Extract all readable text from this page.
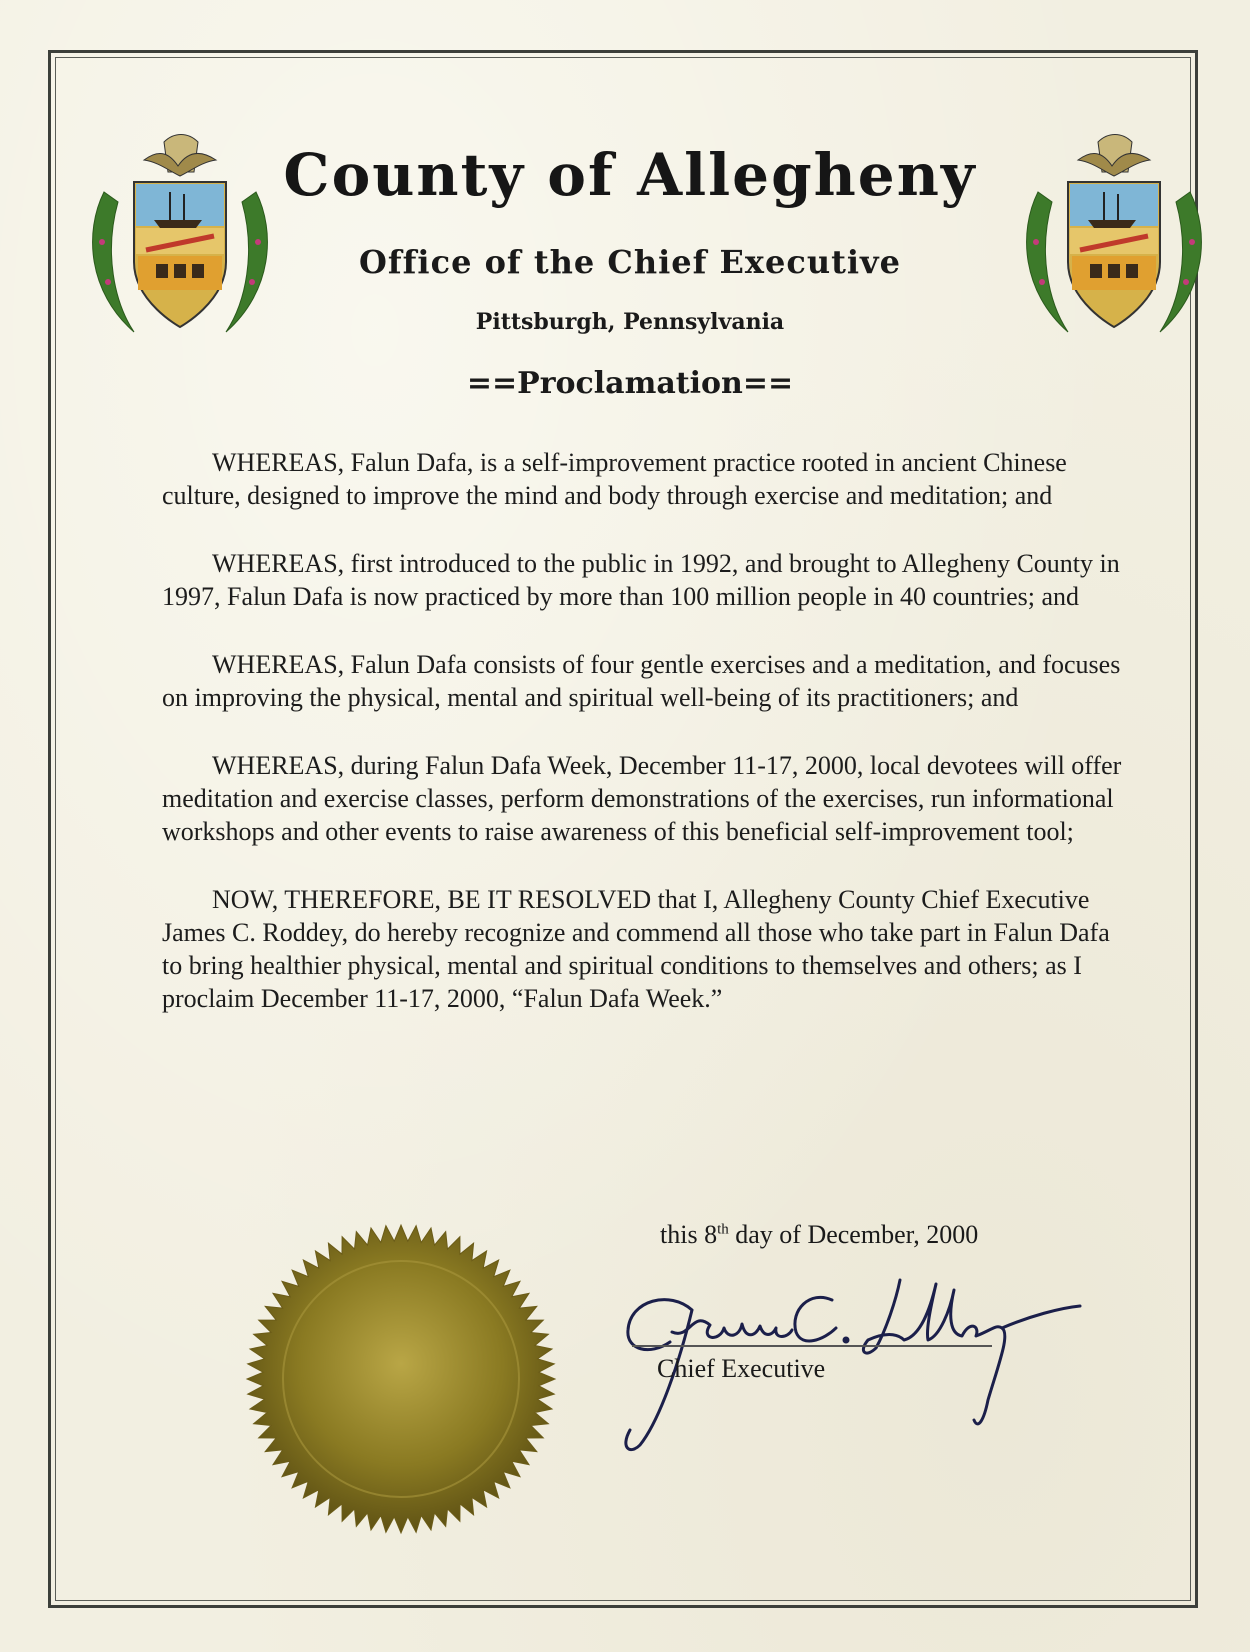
County of Allegheny
Office of the Chief Executive
Pittsburgh, Pennsylvania
==Proclamation==

WHEREAS, Falun Dafa, is a self-improvement practice rooted in ancient Chinese culture, designed to improve the mind and body through exercise and meditation; and

WHEREAS, first introduced to the public in 1992, and brought to Allegheny County in 1997, Falun Dafa is now practiced by more than 100 million people in 40 countries; and

WHEREAS, Falun Dafa consists of four gentle exercises and a meditation, and focuses on improving the physical, mental and spiritual well-being of its practitioners; and

WHEREAS, during Falun Dafa Week, December 11-17, 2000, local devotees will offer meditation and exercise classes, perform demonstrations of the exercises, run informational workshops and other events to raise awareness of this beneficial self-improvement tool;

NOW, THEREFORE, BE IT RESOLVED that I, Allegheny County Chief Executive James C. Roddey, do hereby recognize and commend all those who take part in Falun Dafa to bring healthier physical, mental and spiritual conditions to themselves and others; as I proclaim December 11-17, 2000, “Falun Dafa Week.”

this 8th day of December, 2000
Chief Executive
